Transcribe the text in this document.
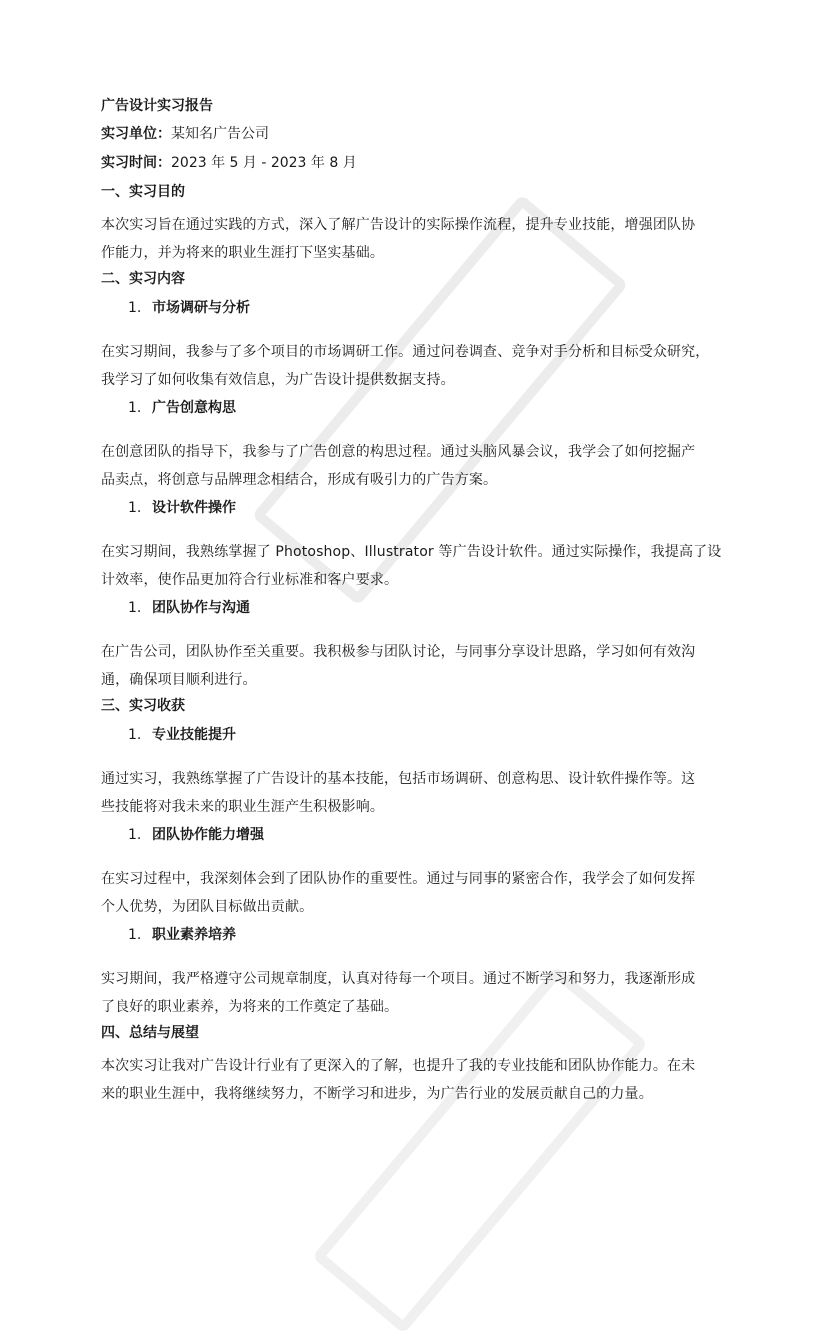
广告设计实习报告
实习单位：某知名广告公司
实习时间：2023 年 5 月 - 2023 年 8 月
一、实习目的

本次实习旨在通过实践的方式，深入了解广告设计的实际操作流程，提升专业技能，增强团队协
作能力，并为将来的职业生涯打下坚实基础。

二、实习内容
1. 市场调研与分析

在实习期间，我参与了多个项目的市场调研工作。通过问卷调查、竞争对手分析和目标受众研究，
我学习了如何收集有效信息，为广告设计提供数据支持。

1. 广告创意构思

在创意团队的指导下，我参与了广告创意的构思过程。通过头脑风暴会议，我学会了如何挖掘产
品卖点，将创意与品牌理念相结合，形成有吸引力的广告方案。

1. 设计软件操作

在实习期间，我熟练掌握了 Photoshop、Illustrator 等广告设计软件。通过实际操作，我提高了设
计效率，使作品更加符合行业标准和客户要求。

1. 团队协作与沟通

在广告公司，团队协作至关重要。我积极参与团队讨论，与同事分享设计思路，学习如何有效沟
通，确保项目顺利进行。

三、实习收获
1. 专业技能提升

通过实习，我熟练掌握了广告设计的基本技能，包括市场调研、创意构思、设计软件操作等。这
些技能将对我未来的职业生涯产生积极影响。

1. 团队协作能力增强

在实习过程中，我深刻体会到了团队协作的重要性。通过与同事的紧密合作，我学会了如何发挥
个人优势，为团队目标做出贡献。

1. 职业素养培养

实习期间，我严格遵守公司规章制度，认真对待每一个项目。通过不断学习和努力，我逐渐形成
了良好的职业素养，为将来的工作奠定了基础。

四、总结与展望

本次实习让我对广告设计行业有了更深入的了解，也提升了我的专业技能和团队协作能力。在未
来的职业生涯中，我将继续努力，不断学习和进步，为广告行业的发展贡献自己的力量。
